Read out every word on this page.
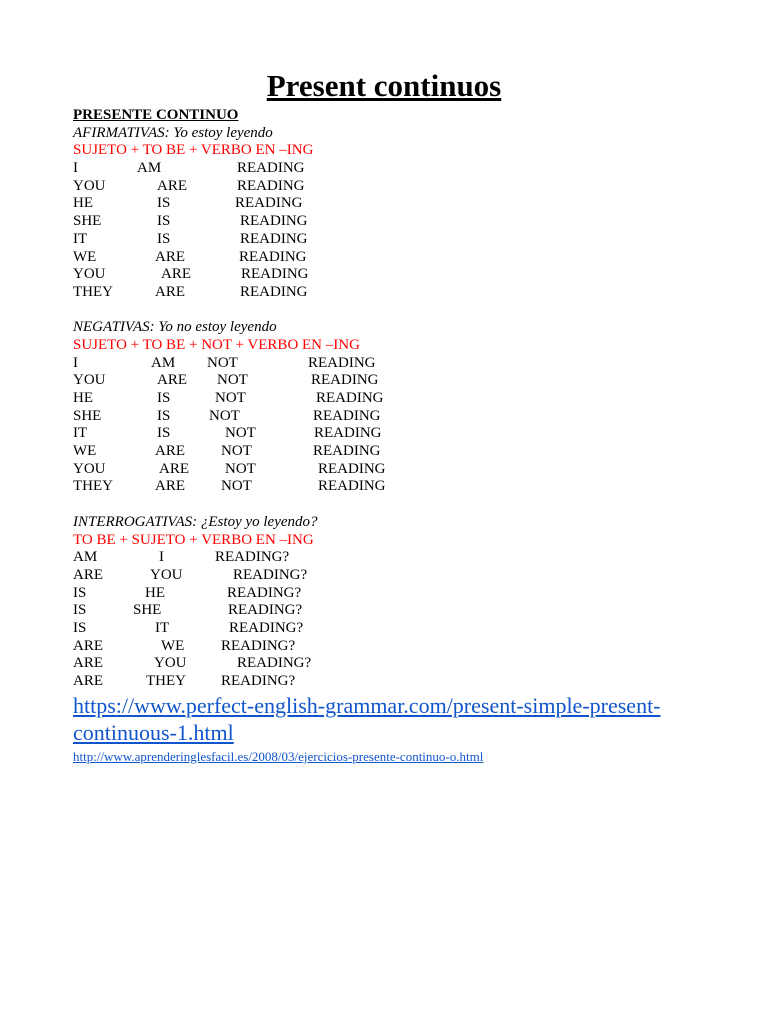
Present continuos
PRESENTE CONTINUO
AFIRMATIVAS: Yo estoy leyendo
SUJETO + TO BE + VERBO EN –ING
I	AM	READING
YOU	ARE	READING
HE	IS	READING
SHE	IS	READING
IT	IS	READING
WE	ARE	READING
YOU	ARE	READING
THEY	ARE	READING
NEGATIVAS: Yo no estoy leyendo
SUJETO + TO BE + NOT + VERBO EN –ING
I	AM NOT	READING
YOU	ARE NOT	READING
HE	IS	NOT	READING
SHE	IS	NOT	READING
IT	IS	NOT	READING
WE	ARE NOT	READING
YOU	ARE NOT	READING
THEY	ARE NOT	READING
INTERROGATIVAS: ¿Estoy yo leyendo?
TO BE + SUJETO + VERBO EN –ING
AM	I	READING?
ARE	YOU	READING?
IS	HE	READING?
IS	SHE	READING?
IS	IT	READING?
ARE	WE READING?
ARE	YOU	READING?
ARE	THEY READING?
https://www.perfect-english-grammar.com/present-simple-present-continuous-1.html
http://www.aprenderinglesfacil.es/2008/03/ejercicios-presente-continuo-o.html
